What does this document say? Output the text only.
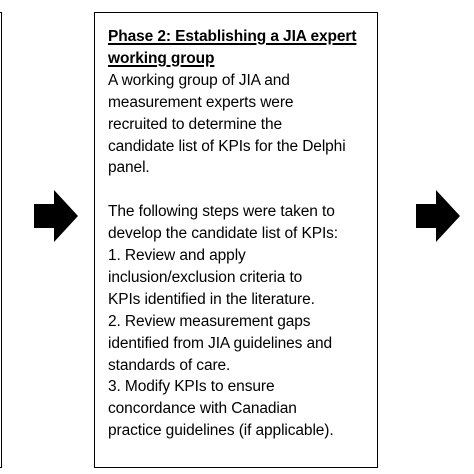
Phase 2: Establishing a JIA expert
working group
A working group of JIA and
measurement experts were
recruited to determine the
candidate list of KPIs for the Delphi
panel.
The following steps were taken to
develop the candidate list of KPIs:
1. Review and apply
inclusion/exclusion criteria to
KPIs identified in the literature.
2. Review measurement gaps
identified from JIA guidelines and
standards of care.
3. Modify KPIs to ensure
concordance with Canadian
practice guidelines (if applicable).
